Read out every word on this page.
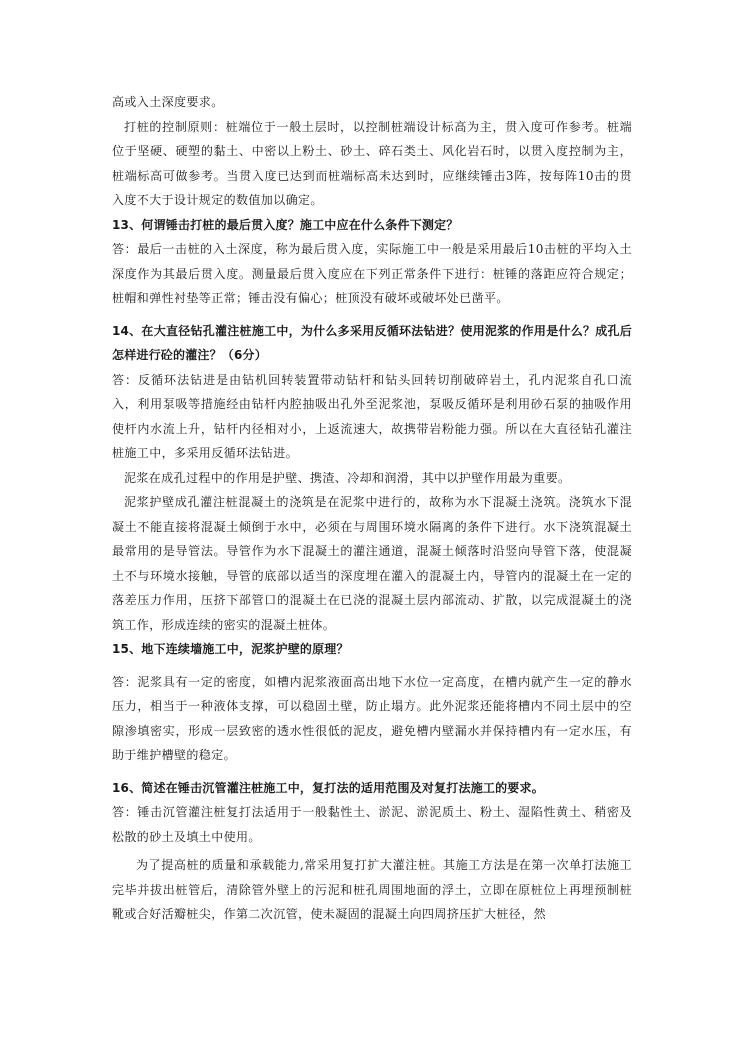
高或入土深度要求。

打桩的控制原则：桩端位于一般土层时，以控制桩端设计标高为主，贯入度可作参考。桩端位于坚硬、硬塑的黏土、中密以上粉土、砂土、碎石类土、风化岩石时，以贯入度控制为主，桩端标高可做参考。当贯入度已达到而桩端标高未达到时，应继续锤击3阵，按每阵10击的贯入度不大于设计规定的数值加以确定。

13、何谓锤击打桩的最后贯入度？施工中应在什么条件下测定？

答：最后一击桩的入土深度，称为最后贯入度，实际施工中一般是采用最后10击桩的平均入土深度作为其最后贯入度。测量最后贯入度应在下列正常条件下进行：桩锤的落距应符合规定；桩帽和弹性衬垫等正常；锤击没有偏心；桩顶没有破坏或破坏处已凿平。

14、在大直径钻孔灌注桩施工中，为什么多采用反循环法钻进？使用泥浆的作用是什么？成孔后怎样进行砼的灌注？（6分）

答：反循环法钻进是由钻机回转装置带动钻杆和钻头回转切削破碎岩土，孔内泥浆自孔口流入，利用泵吸等措施经由钻杆内腔抽吸出孔外至泥浆池，泵吸反循环是利用砂石泵的抽吸作用使杆内水流上升，钻杆内径相对小，上返流速大，故携带岩粉能力强。所以在大直径钻孔灌注桩施工中，多采用反循环法钻进。

泥浆在成孔过程中的作用是护壁、携渣、冷却和润滑，其中以护壁作用最为重要。

泥浆护壁成孔灌注桩混凝土的浇筑是在泥浆中进行的，故称为水下混凝土浇筑。浇筑水下混凝土不能直接将混凝土倾倒于水中，必须在与周围环境水隔离的条件下进行。水下浇筑混凝土最常用的是导管法。导管作为水下混凝土的灌注通道，混凝土倾落时沿竖向导管下落，使混凝土不与环境水接触，导管的底部以适当的深度埋在灌入的混凝土内，导管内的混凝土在一定的落差压力作用，压挤下部管口的混凝土在已浇的混凝土层内部流动、扩散，以完成混凝土的浇筑工作，形成连续的密实的混凝土桩体。

15、地下连续墙施工中，泥浆护壁的原理？

答：泥浆具有一定的密度，如槽内泥浆液面高出地下水位一定高度，在槽内就产生一定的静水压力，相当于一种液体支撑，可以稳固土壁，防止塌方。此外泥浆还能将槽内不同土层中的空隙渗填密实，形成一层致密的透水性很低的泥皮，避免槽内壁漏水并保持槽内有一定水压，有助于维护槽壁的稳定。

16、简述在锤击沉管灌注桩施工中，复打法的适用范围及对复打法施工的要求。

答：锤击沉管灌注桩复打法适用于一般黏性土、淤泥、淤泥质土、粉土、湿陷性黄土、稍密及松散的砂土及填土中使用。

为了提高桩的质量和承载能力,常采用复打扩大灌注桩。其施工方法是在第一次单打法施工完毕并拔出桩管后，清除管外壁上的污泥和桩孔周围地面的浮土，立即在原桩位上再埋预制桩靴或合好活瓣桩尖，作第二次沉管，使未凝固的混凝土向四周挤压扩大桩径，然
